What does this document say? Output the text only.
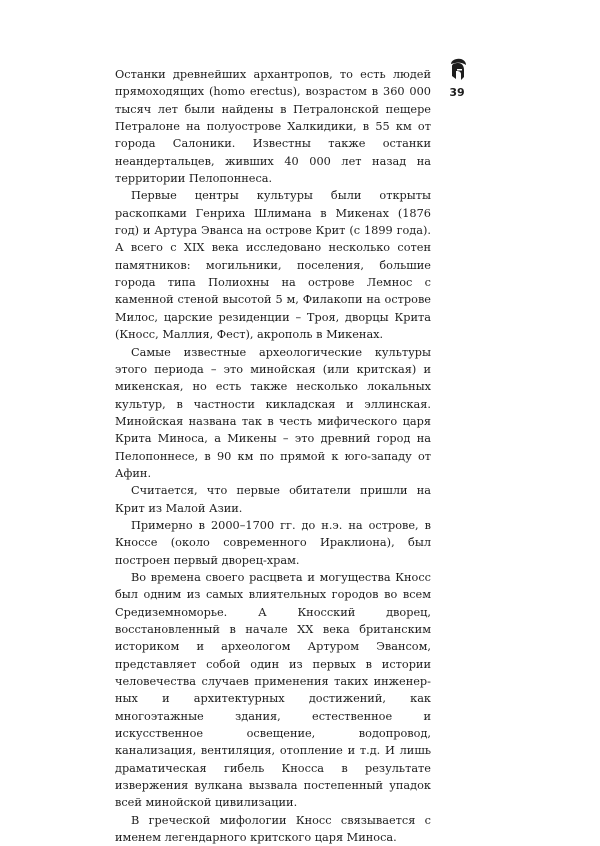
39

Останки древнейших архантропов, то есть людей прямоходящих (homo erectus), возрастом в 360 000 тысяч лет были найдены в Петралонской пещере Петралоне на полуострове Халкидики, в 55 км от города Салоники. Известны также останки неандертальцев, живших 40 000 лет назад на территории Пелопоннеса.

Первые центры культуры были открыты раскопками Генриха Шлимана в Микенах (1876 год) и Артура Эванса на острове Крит (с 1899 года). А всего с XIX века исследовано несколько сотен памятников: могильники, поселения, большие города типа Полиохны на острове Лемнос с каменной стеной высотой 5 м, Филакопи на острове Милос, царские резиденции – Троя, дворцы Крита (Кносс, Маллия, Фест), акрополь в Микенах.

Самые известные археологические культуры этого периода – это минойская (или критская) и микенская, но есть также несколько локальных культур, в частности кикладская и эллинская. Минойская названа так в честь мифического царя Крита Миноса, а Микены – это древний город на Пелопоннесе, в 90 км по прямой к юго-западу от Афин.

Считается, что первые обитатели пришли на Крит из Малой Азии.

Примерно в 2000–1700 гг. до н.э. на острове, в Кноссе (около современного Ираклиона), был построен первый дворец-храм.

Во времена своего расцвета и могущества Кносс был одним из самых влиятельных городов во всем Средиземноморье. А Кносский дворец, восстановленный в начале XX века британским историком и археологом Артуром Эвансом, представляет собой один из первых в истории человечества случаев применения таких инженерных и архитектурных достижений, как многоэтажные здания, естественное и искусственное освещение, водопровод, канализация, вентиляция, отопление и т.д. И лишь драматическая гибель Кносса в результате извержения вулкана вызвала постепенный упадок всей минойской цивилизации.

В греческой мифологии Кносс связывается с именем легендарного критского царя Миноса.
